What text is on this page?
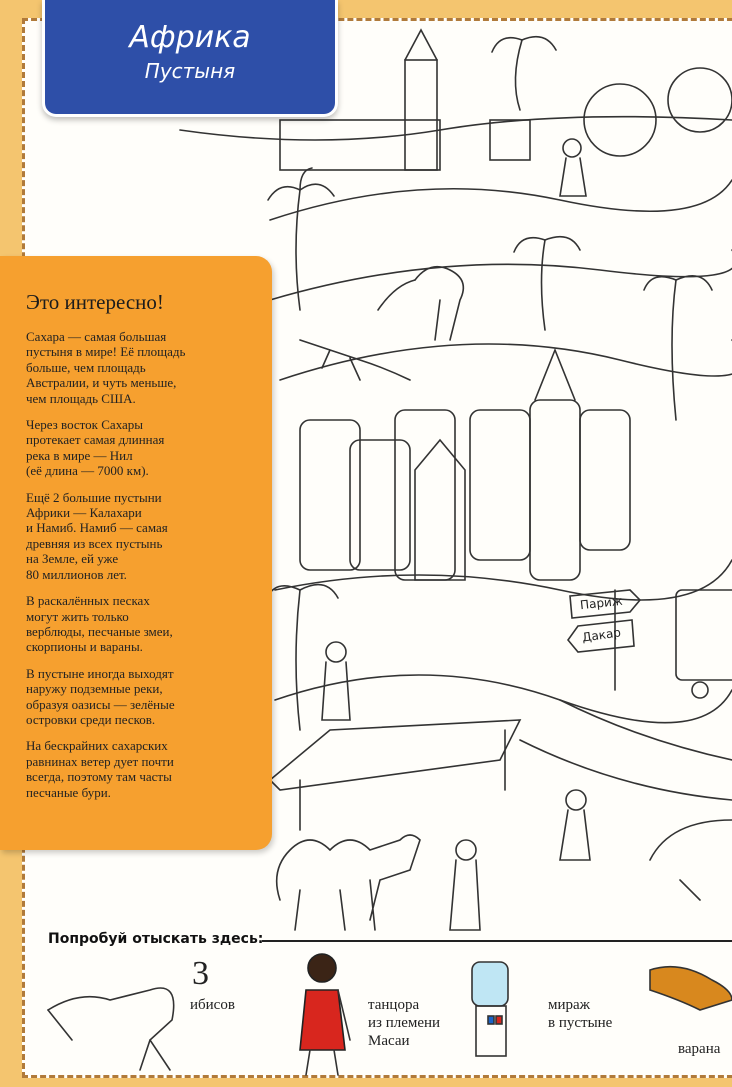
Африка
Пустыня
Это интересно!

Сахара — самая большая
пустыня в мире! Её площадь
больше, чем площадь
Австралии, и чуть меньше,
чем площадь США.

Через восток Сахары
протекает самая длинная
река в мире — Нил
(её длина — 7000 км).

Ещё 2 большие пустыни
Африки — Калахари
и Намиб. Намиб — самая
древняя из всех пустынь
на Земле, ей уже
80 миллионов лет.

В раскалённых песках
могут жить только
верблюды, песчаные змеи,
скорпионы и вараны.

В пустыне иногда выходят
наружу подземные реки,
образуя оазисы — зелёные
островки среди песков.

На бескрайних сахарских
равнинах ветер дует почти
всегда, поэтому там часты
песчаные бури.

Париж
Дакар
Попробуй отыскать здесь:
3
ибисов	танцора
из племени
Масаи
мираж
в пустыне
варана
